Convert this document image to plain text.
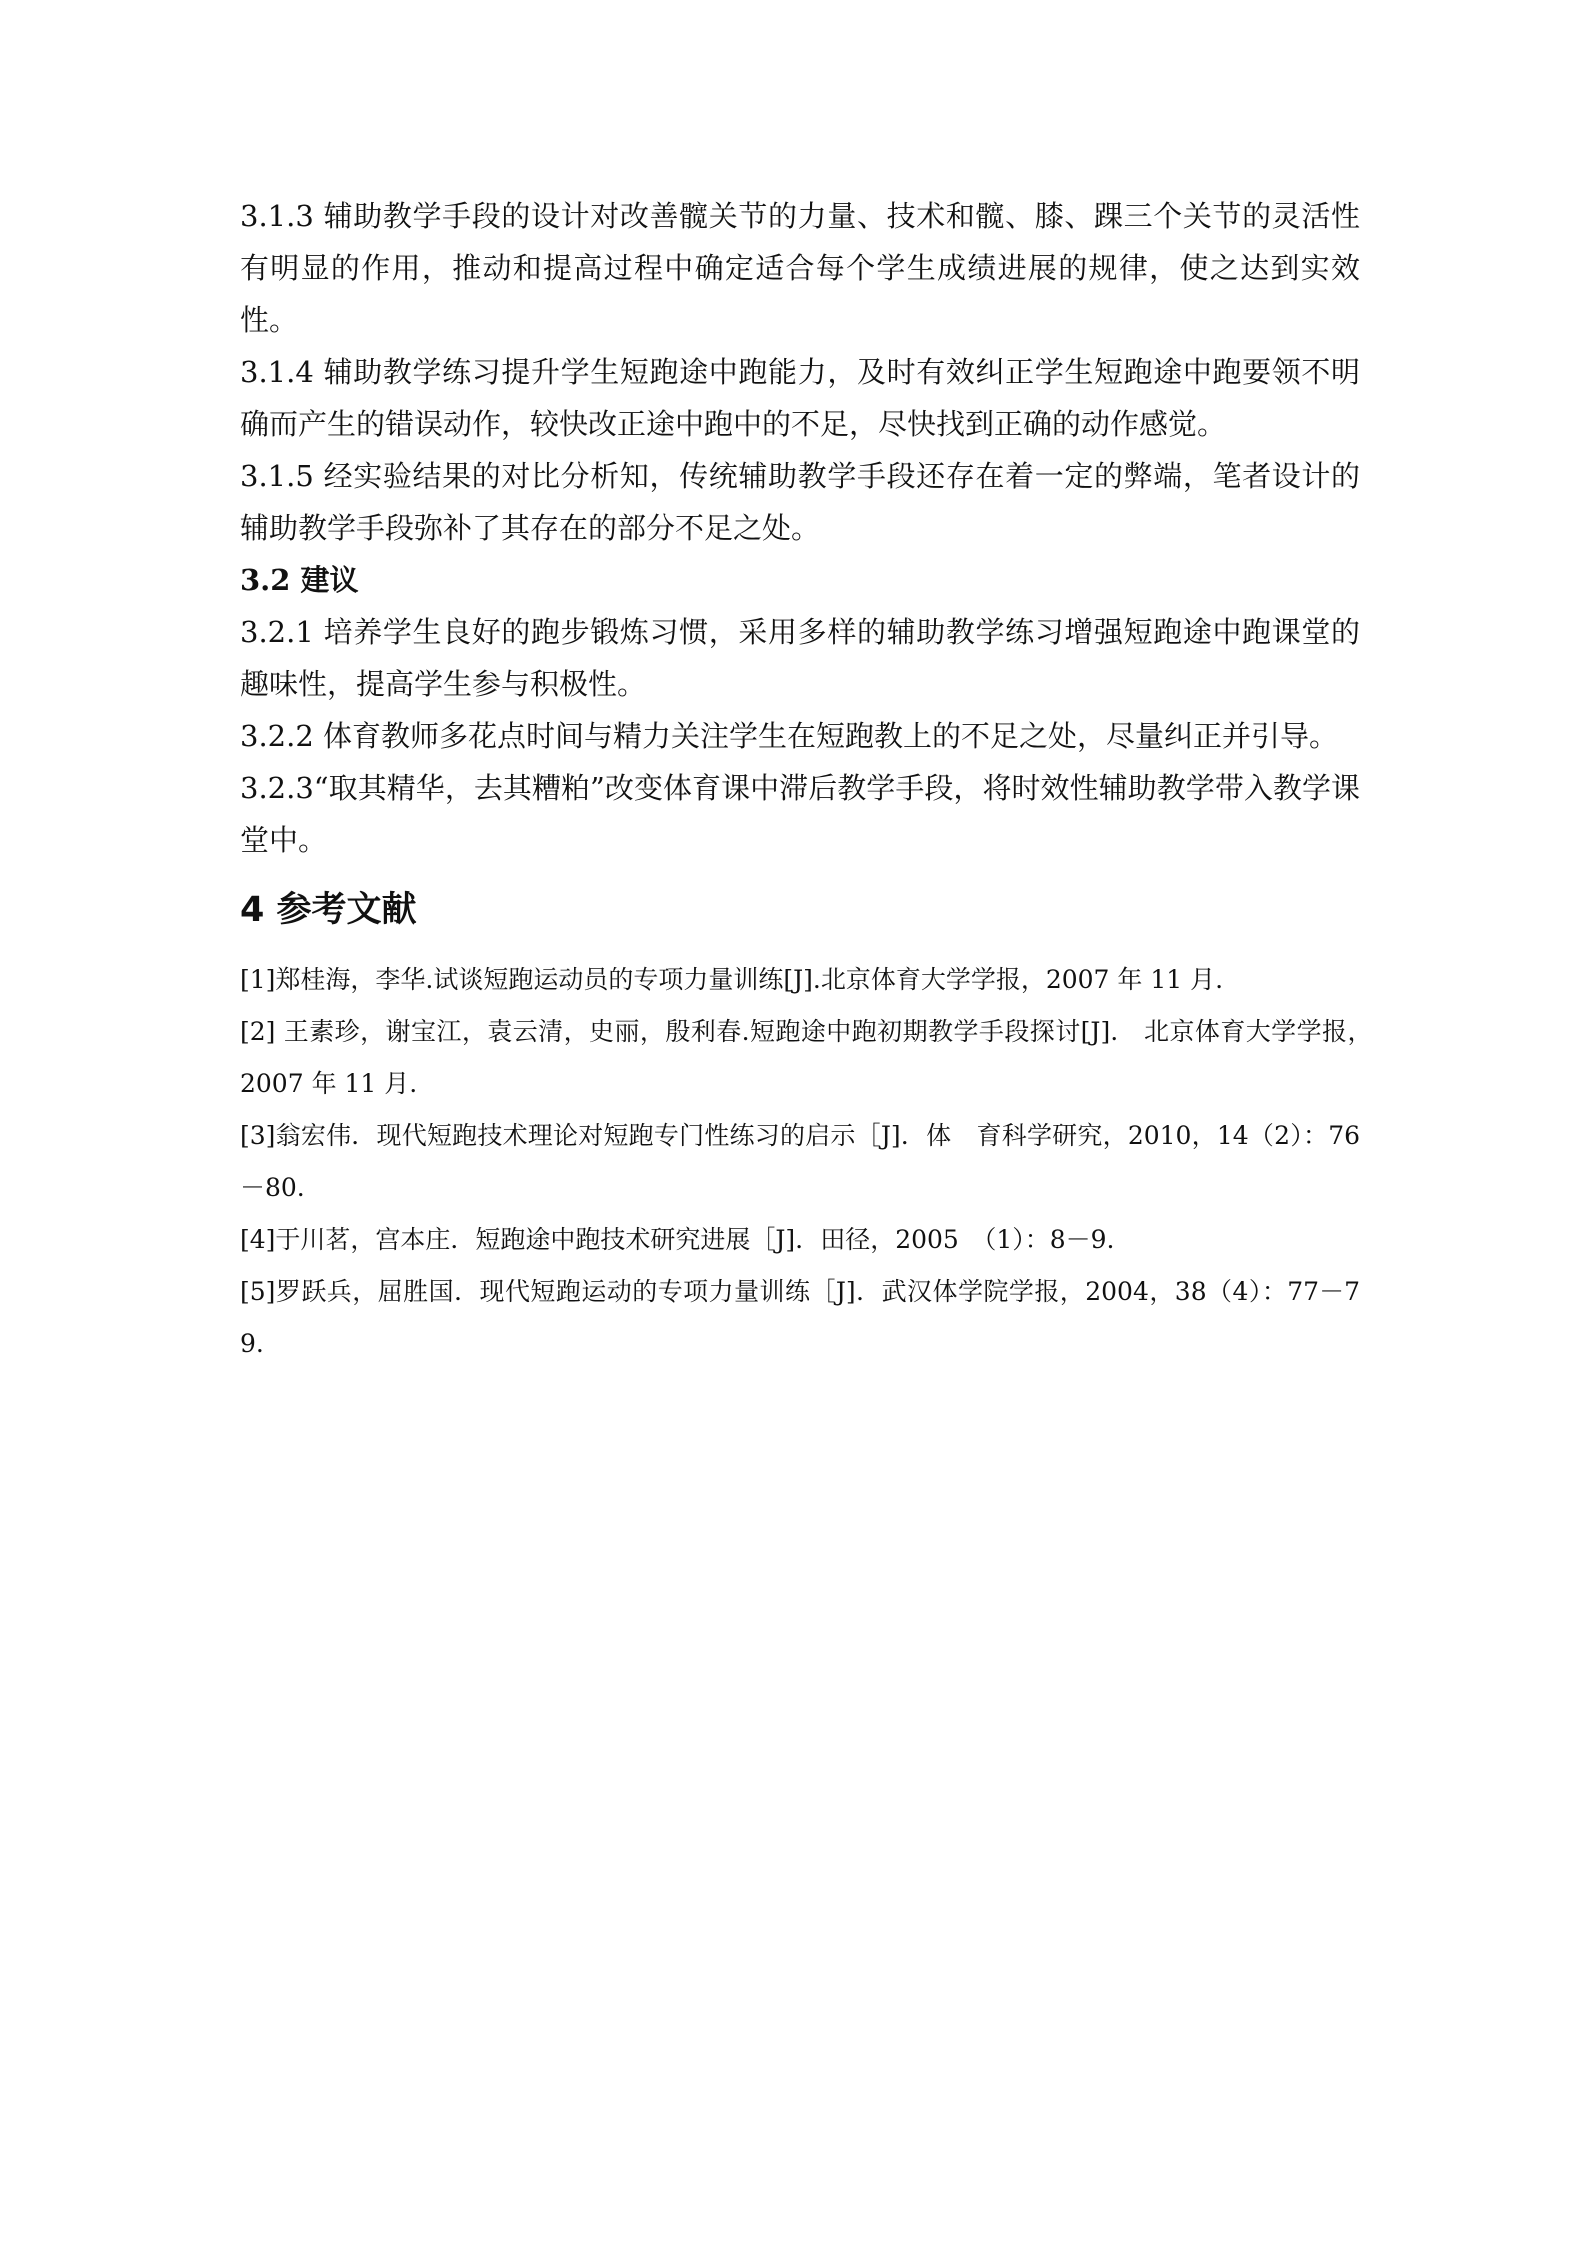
3.1.3 辅助教学手段的设计对改善髋关节的力量、技术和髋、膝、踝三个关节的灵活性有明显的作用，推动和提高过程中确定适合每个学生成绩进展的规律，使之达到实效性。

3.1.4 辅助教学练习提升学生短跑途中跑能力，及时有效纠正学生短跑途中跑要领不明确而产生的错误动作，较快改正途中跑中的不足，尽快找到正确的动作感觉。

3.1.5 经实验结果的对比分析知，传统辅助教学手段还存在着一定的弊端，笔者设计的辅助教学手段弥补了其存在的部分不足之处。

3.2 建议

3.2.1 培养学生良好的跑步锻炼习惯，采用多样的辅助教学练习增强短跑途中跑课堂的趣味性，提高学生参与积极性。

3.2.2 体育教师多花点时间与精力关注学生在短跑教上的不足之处，尽量纠正并引导。

3.2.3“取其精华，去其糟粕”改变体育课中滞后教学手段，将时效性辅助教学带入教学课堂中。

4 参考文献

[1]郑桂海，李华.试谈短跑运动员的专项力量训练[J].北京体育大学学报，2007 年 11 月.

[2] 王素珍，谢宝江，袁云清，史丽，殷利春.短跑途中跑初期教学手段探讨[J].　北京体育大学学报，　2007 年 11 月.

[3]翁宏伟．现代短跑技术理论对短跑专门性练习的启示［J]．体　育科学研究，2010，14（2）：76－80.

[4]于川茗，宫本庄．短跑途中跑技术研究进展［J]．田径，2005　（1）：8－9.

[5]罗跃兵，屈胜国．现代短跑运动的专项力量训练［J]．武汉体学院学报，2004，38（4）：77－79.
